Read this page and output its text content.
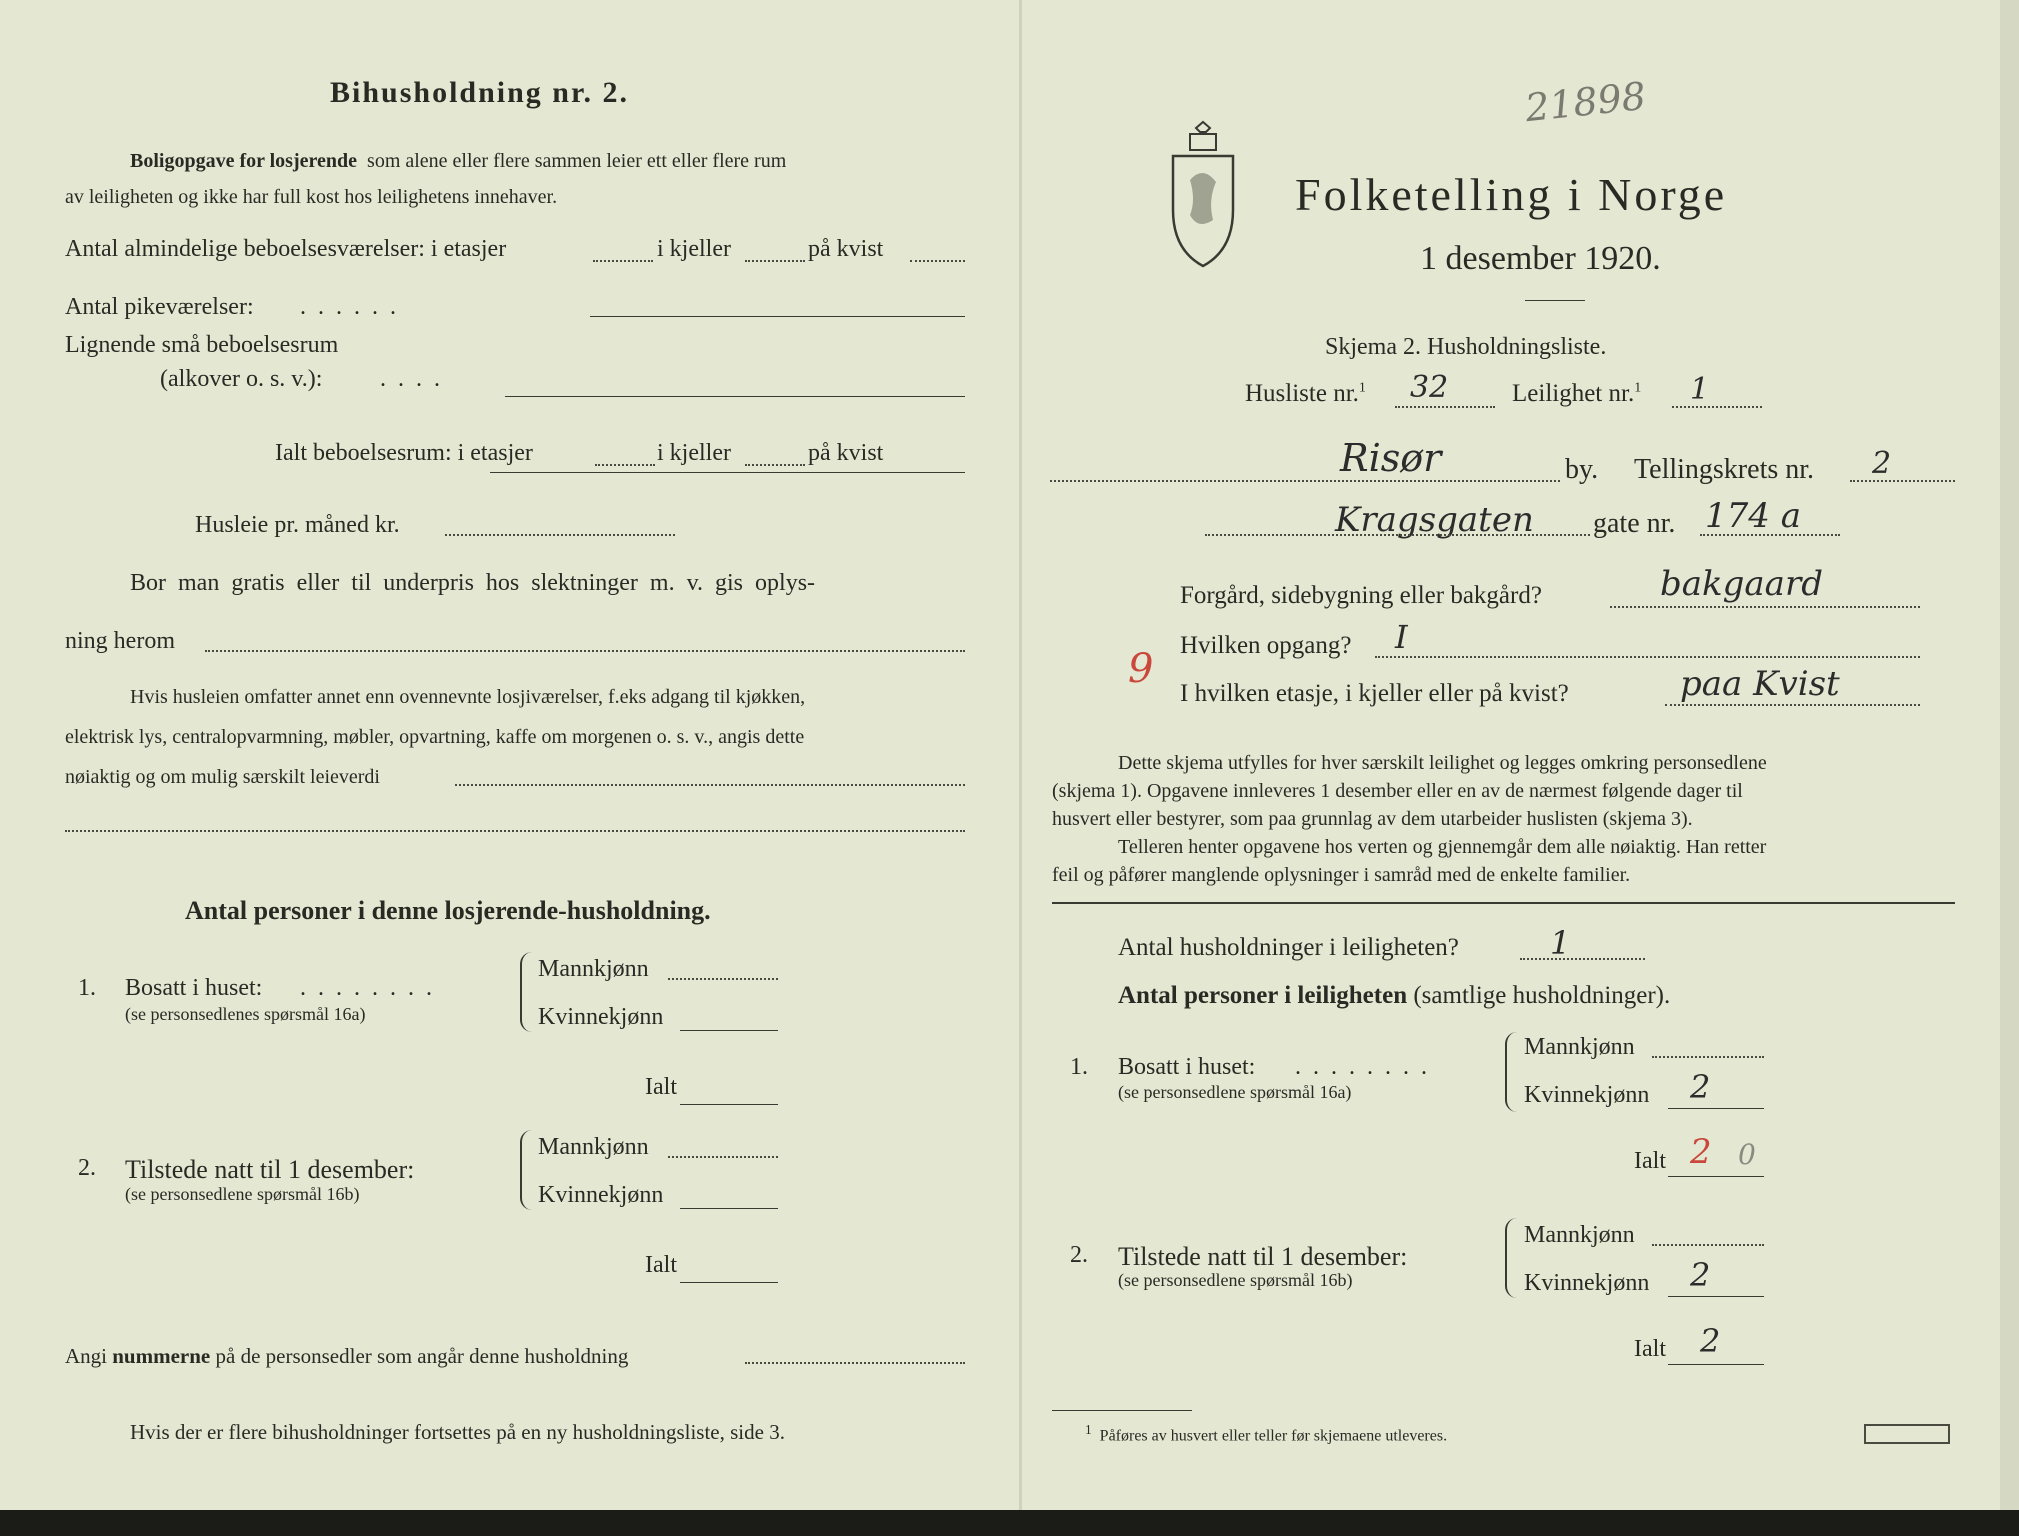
Bihusholdning nr. 2.
Boligopgave for losjerende som alene eller flere sammen leier ett eller flere rum
av leiligheten og ikke har full kost hos leilighetens innehaver.
Antal almindelige beboelsesværelser: i etasjer	i kjeller	på kvist
Antal pikeværelser: ......
Lignende små beboelsesrum
(alkover o. s. v.): ....
Ialt beboelsesrum: i etasjer	i kjeller	på kvist
Husleie pr. måned kr.
Bor man gratis eller til underpris hos slektninger m. v. gis oplys-
ning herom
Hvis husleien omfatter annet enn ovennevnte losjiværelser, f.eks adgang til kjøkken,
elektrisk lys, centralopvarmning, møbler, opvartning, kaffe om morgenen o. s. v., angis dette
nøiaktig og om mulig særskilt leieverdi
Antal personer i denne losjerende-husholdning.
1. Bosatt i huset: ........
(se personsedlenes spørsmål 16a)
Mannkjønn
Kvinnekjønn
Ialt
2. Tilstede natt til 1 desember:
(se personsedlene spørsmål 16b)
Mannkjønn
Kvinnekjønn
Ialt
Angi nummerne på de personsedler som angår denne husholdning
Hvis der er flere bihusholdninger fortsettes på en ny husholdningsliste, side 3.
21898
Folketelling i Norge
1 desember 1920.
Skjema 2. Husholdningsliste.
Husliste nr.$^1$ 32	Leilighet nr.$^1$ 1
Risør	by. Tellingskrets nr. 2
Kragsgaten gate nr. 174 a
Forgård, sidebygning eller bakgård?	bakgaard
9
Hvilken opgang? I
I hvilken etasje, i kjeller eller på kvist?	paa Kvist
Dette skjema utfylles for hver særskilt leilighet og legges omkring personsedlene
(skjema 1). Opgavene innleveres 1 desember eller en av de nærmest følgende dager til
husvert eller bestyrer, som paa grunnlag av dem utarbeider huslisten (skjema 3).
Telleren henter opgavene hos verten og gjennemgår dem alle nøiaktig. Han retter
feil og påfører manglende oplysninger i samråd med de enkelte familier.
Antal husholdninger i leiligheten?	1
Antal personer i leiligheten (samtlige husholdninger).
1. Bosatt i huset: ........
(se personsedlene spørsmål 16a)
Mannkjønn
Kvinnekjønn 2
Ialt 2 0
2. Tilstede natt til 1 desember:
(se personsedlene spørsmål 16b)
Mannkjønn
Kvinnekjønn 2
Ialt 2
$^1$ Påføres av husvert eller teller før skjemaene utleveres.
